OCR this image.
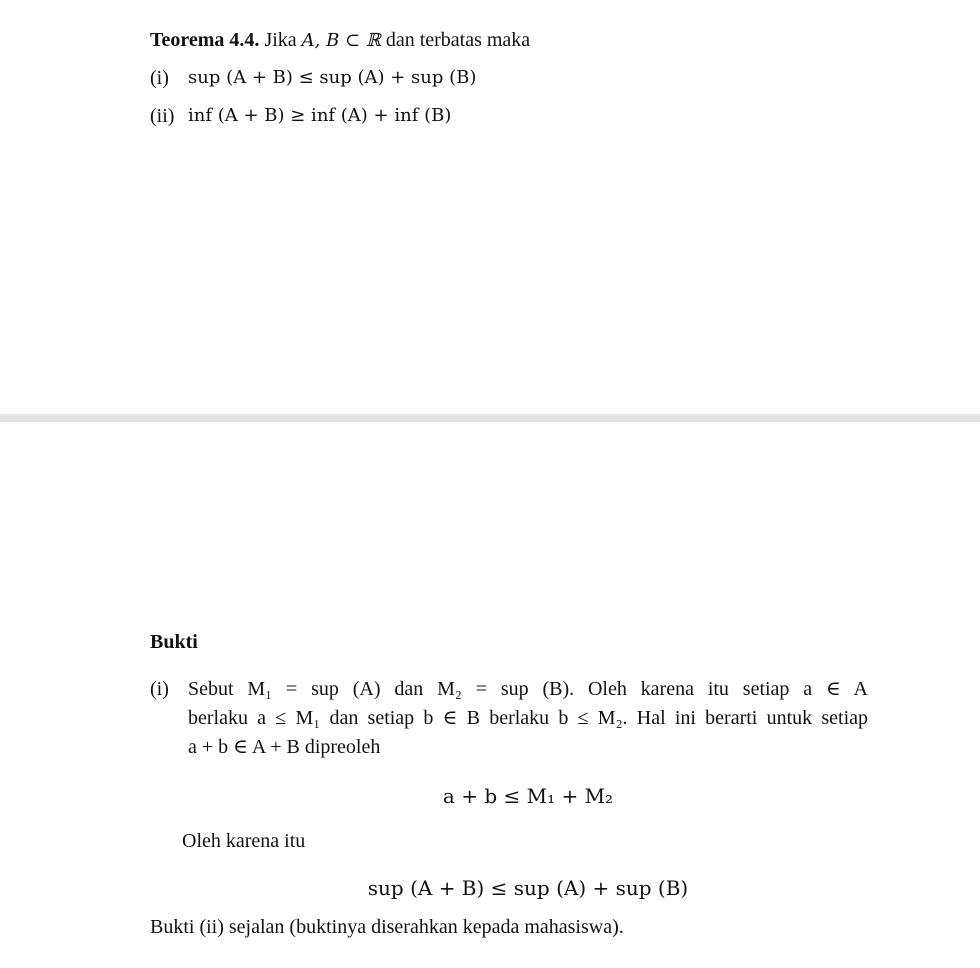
Teorema 4.4. Jika A, B ⊂ ℝ dan terbatas maka
(i) sup (A + B) ≤ sup (A) + sup (B)
(ii) inf (A + B) ≥ inf (A) + inf (B)
Bukti
(i) Sebut M₁ = sup (A) dan M₂ = sup (B). Oleh karena itu setiap a ∈ A
berlaku a ≤ M₁ dan setiap b ∈ B berlaku b ≤ M₂. Hal ini berarti untuk setiap
a + b ∈ A + B dipreoleh
a + b ≤ M₁ + M₂
Oleh karena itu
sup (A + B) ≤ sup (A) + sup (B)
Bukti (ii) sejalan (buktinya diserahkan kepada mahasiswa).
